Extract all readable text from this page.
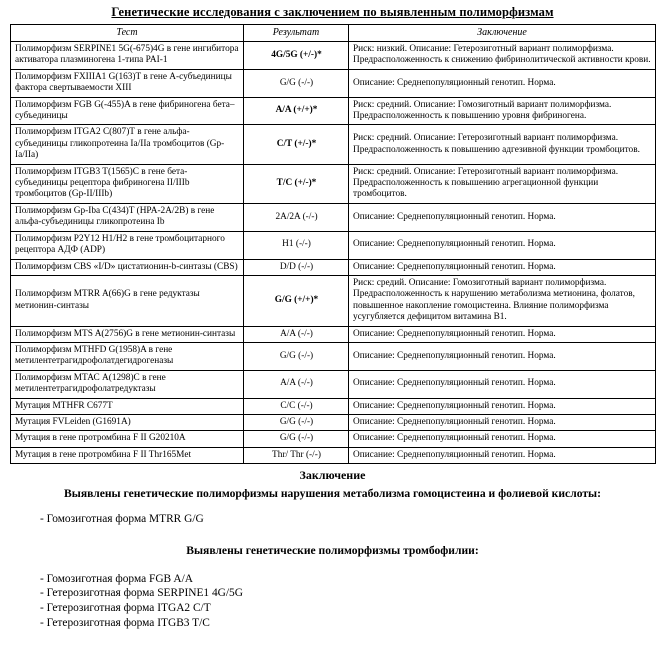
Генетические исследования с заключением по выявленным полиморфизмам
Тест	Результат	Заключение
Полиморфизм SERPINE1 5G(-675)4G в гене ингибитора активатора плазминогена 1-типа PAI-1	4G/5G (+/-)*	Риск: низкий. Описание: Гетерозиготный вариант полиморфизма. Предрасположенность к снижению фибринолитической активности крови.
Полиморфизм FXIIIA1 G(163)T в гене А-субъединицы фактора свертываемости XIII	G/G (-/-)	Описание: Среднепопуляционный генотип. Норма.
Полиморфизм FGB G(-455)A в гене фибриногена бета–субъединицы	A/A (+/+)*	Риск: средний. Описание: Гомозиготный вариант полиморфизма. Предрасположенность к повышению уровня фибриногена.
Полиморфизм ITGA2 C(807)Т в гене альфа-субъединицы гликопротеина Ia/IIa тромбоцитов (Gp-Ia/IIa)	C/T (+/-)*	Риск: средний. Описание: Гетерозиготный вариант полиморфизма. Предрасположенность к повышению адгезивной функции тромбоцитов.
Полиморфизм ITGB3 T(1565)C в гене бета-субъединицы рецептора фибриногена II/IIIb тромбоцитов (Gp-II/IIIb)	T/C (+/-)*	Риск: средний. Описание: Гетерозиготный вариант полиморфизма. Предрасположенность к повышению агрегационной функции тромбоцитов.
Полиморфизм Gp-Iba C(434)T (HPA-2A/2B) в гене альфа-субъединицы гликопротеина Ib	2A/2A (-/-)	Описание: Среднепопуляционный генотип. Норма.
Полиморфизм P2Y12 H1/H2 в гене тромбоцитарного рецептора АДФ (ADP)	H1 (-/-)	Описание: Среднепопуляционный генотип. Норма.
Полиморфизм CBS «I/D» цистатионин-b-синтазы (CBS)	D/D (-/-)	Описание: Среднепопуляционный генотип. Норма.
Полиморфизм MTRR A(66)G в гене редуктазы метионин-синтазы	G/G (+/+)*	Риск: средий. Описание: Гомозиготный вариант полиморфизма. Предрасположенность к нарушению метаболизма метионина, фолатов, повышенное накопление гомоцистеина. Влияние полиморфизма усугубляется дефицитом витамина В1.
Полиморфизм MTS A(2756)G в гене метионин-синтазы	A/A (-/-)	Описание: Среднепопуляционный генотип. Норма.
Полиморфизм MTHFD G(1958)A в гене метилентетрагидрофолатдегидрогеназы	G/G (-/-)	Описание: Среднепопуляционный генотип. Норма.
Полиморфизм МТАС A(1298)C в гене метилентетрагидрофолатредуктазы	A/A (-/-)	Описание: Среднепопуляционный генотип. Норма.
Мутация MTHFR C677T	C/C (-/-)	Описание: Среднепопуляционный генотип. Норма.
Мутация FVLeiden (G1691A)	G/G (-/-)	Описание: Среднепопуляционный генотип. Норма.
Мутация в гене протромбина F II G20210A	G/G (-/-)	Описание: Среднепопуляционный генотип. Норма.
Мутация в гене протромбина F II Thr165Met	Thr/ Thr (-/-)	Описание: Среднепопуляционный генотип. Норма.
Заключение
Выявлены генетические полиморфизмы нарушения метаболизма гомоцистеина и фолиевой кислоты:
- Гомозиготная форма MTRR G/G
Выявлены генетические полиморфизмы тромбофилии:
- Гомозиготная форма FGB A/A
- Гетерозиготная форма SERPINE1 4G/5G
- Гетерозиготная форма ITGA2 C/T
- Гетерозиготная форма ITGB3 T/C
